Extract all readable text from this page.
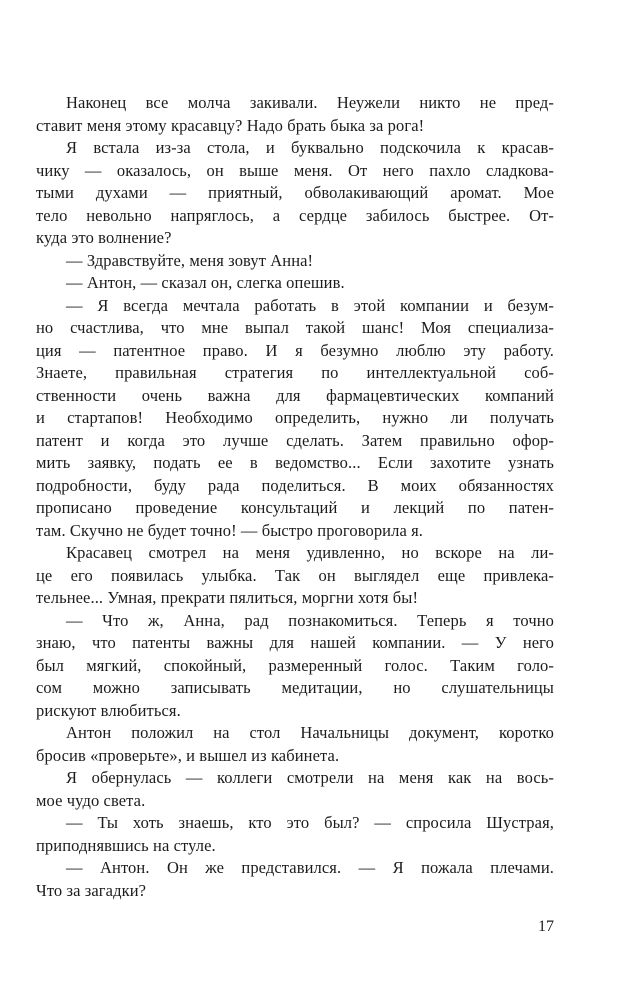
Наконец все молча закивали. Неужели никто не пред-
ставит меня этому красавцу? Надо брать быка за рога!
Я встала из-за стола, и буквально подскочила к красав-
чику — оказалось, он выше меня. От него пахло сладкова-
тыми духами — приятный, обволакивающий аромат. Мое
тело невольно напряглось, а сердце забилось быстрее. От-
куда это волнение?
— Здравствуйте, меня зовут Анна!
— Антон, — сказал он, слегка опешив.
— Я всегда мечтала работать в этой компании и безум-
но счастлива, что мне выпал такой шанс! Моя специализа-
ция — патентное право. И я безумно люблю эту работу.
Знаете, правильная стратегия по интеллектуальной соб-
ственности очень важна для фармацевтических компаний
и стартапов! Необходимо определить, нужно ли получать
патент и когда это лучше сделать. Затем правильно офор-
мить заявку, подать ее в ведомство... Если захотите узнать
подробности, буду рада поделиться. В моих обязанностях
прописано проведение консультаций и лекций по патен-
там. Скучно не будет точно! — быстро проговорила я.
Красавец смотрел на меня удивленно, но вскоре на ли-
це его появилась улыбка. Так он выглядел еще привлека-
тельнее... Умная, прекрати пялиться, моргни хотя бы!
— Что ж, Анна, рад познакомиться. Теперь я точно
знаю, что патенты важны для нашей компании. — У него
был мягкий, спокойный, размеренный голос. Таким голо-
сом можно записывать медитации, но слушательницы
рискуют влюбиться.
Антон положил на стол Начальницы документ, коротко
бросив «проверьте», и вышел из кабинета.
Я обернулась — коллеги смотрели на меня как на вось-
мое чудо света.
— Ты хоть знаешь, кто это был? — спросила Шустрая,
приподнявшись на стуле.
— Антон. Он же представился. — Я пожала плечами.
Что за загадки?
17
